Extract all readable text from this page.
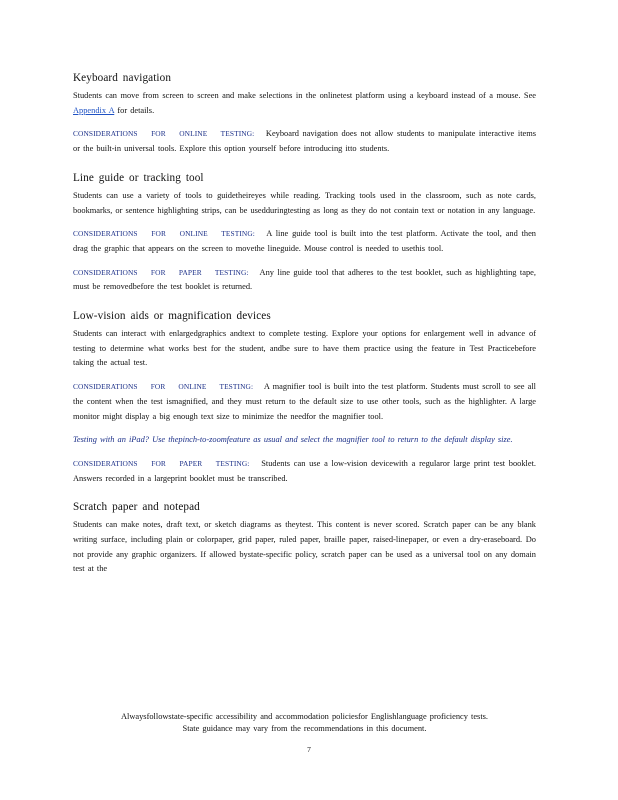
Keyboard navigation

Students can move from screen to screen and make selections in the onlinetest platform using a keyboard instead of a mouse. See Appendix A for details.

CONSIDERATIONS FOR ONLINE TESTING: Keyboard navigation does not allow students to manipulate interactive items or the built-in universal tools. Explore this option yourself before introducing itto students.

Line guide or tracking tool

Students can use a variety of tools to guidetheireyes while reading. Tracking tools used in the classroom, such as note cards, bookmarks, or sentence highlighting strips, can be usedduringtesting as long as they do not contain text or notation in any language.

CONSIDERATIONS FOR ONLINE TESTING: A line guide tool is built into the test platform. Activate the tool, and then drag the graphic that appears on the screen to movethe lineguide. Mouse control is needed to usethis tool.

CONSIDERATIONS FOR PAPER TESTING: Any line guide tool that adheres to the test booklet, such as highlighting tape, must be removedbefore the test booklet is returned.

Low-vision aids or magnification devices

Students can interact with enlargedgraphics andtext to complete testing. Explore your options for enlargement well in advance of testing to determine what works best for the student, andbe sure to have them practice using the feature in Test Practicebefore taking the actual test.

CONSIDERATIONS FOR ONLINE TESTING: A magnifier tool is built into the test platform. Students must scroll to see all the content when the test ismagnified, and they must return to the default size to use other tools, such as the highlighter. A large monitor might display a big enough text size to minimize the needfor the magnifier tool.

Testing with an iPad? Use thepinch-to-zoomfeature as usual and select the magnifier tool to return to the default display size.

CONSIDERATIONS FOR PAPER TESTING: Students can use a low-vision devicewith a regularor large print test booklet. Answers recorded in a largeprint booklet must be transcribed.

Scratch paper and notepad

Students can make notes, draft text, or sketch diagrams as theytest. This content is never scored. Scratch paper can be any blank writing surface, including plain or colorpaper, grid paper, ruled paper, braille paper, raised-linepaper, or even a dry-eraseboard. Do not provide any graphic organizers. If allowed bystate-specific policy, scratch paper can be used as a universal tool on any domain test at the

Alwaysfollowstate-specific accessibility and accommodation policiesfor Englishlanguage proficiency tests.
State guidance may vary from the recommendations in this document.
7
